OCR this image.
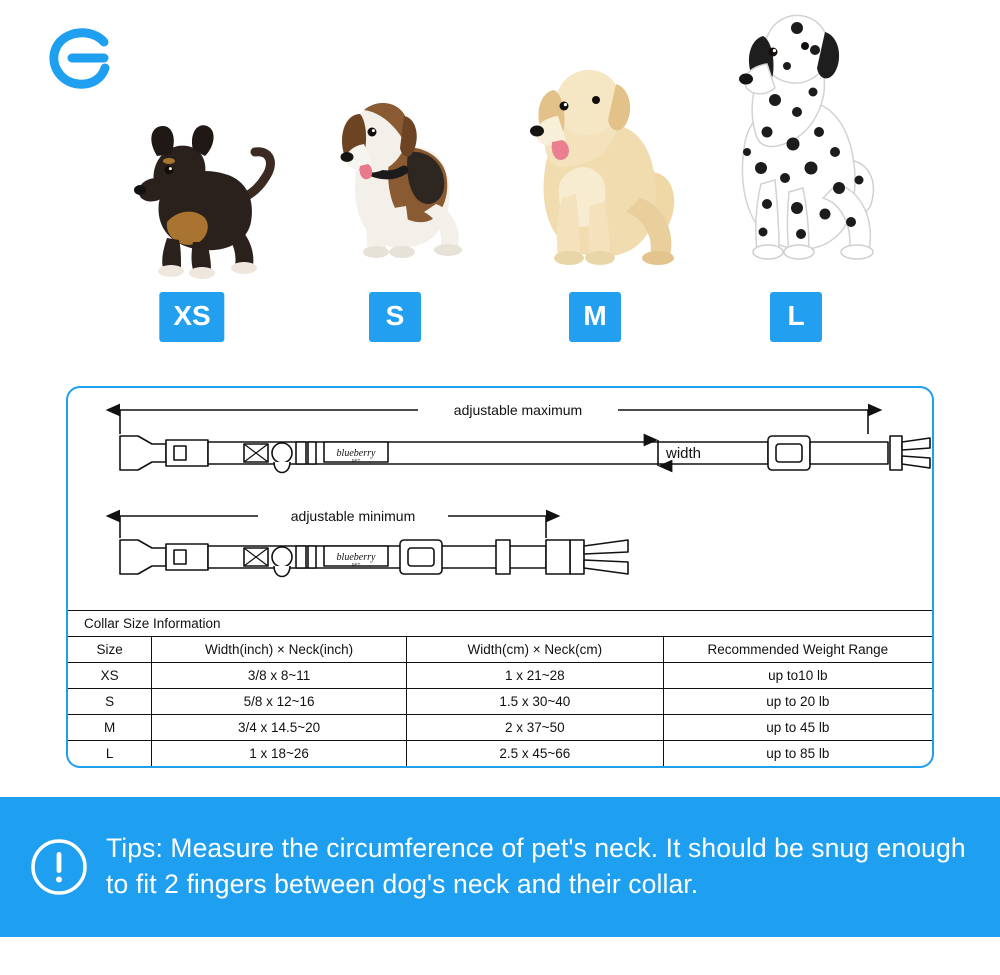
XS	S	M	L
adjustable maximum
blueberry
PET	width
adjustable minimum
blueberry
PET
Collar Size Information
Size	Width(inch) × Neck(inch)	Width(cm) × Neck(cm)	Recommended Weight Range
XS	3/8 x 8~11	1 x 21~28	up to10 lb
S	5/8 x 12~16	1.5 x 30~40	up to 20 lb
M	3/4 x 14.5~20	2 x 37~50	up to 45 lb
L	1 x 18~26	2.5 x 45~66	up to 85 lb
Tips: Measure the circumference of pet's neck. It should be snug enough to fit 2 fingers between dog's neck and their collar.
